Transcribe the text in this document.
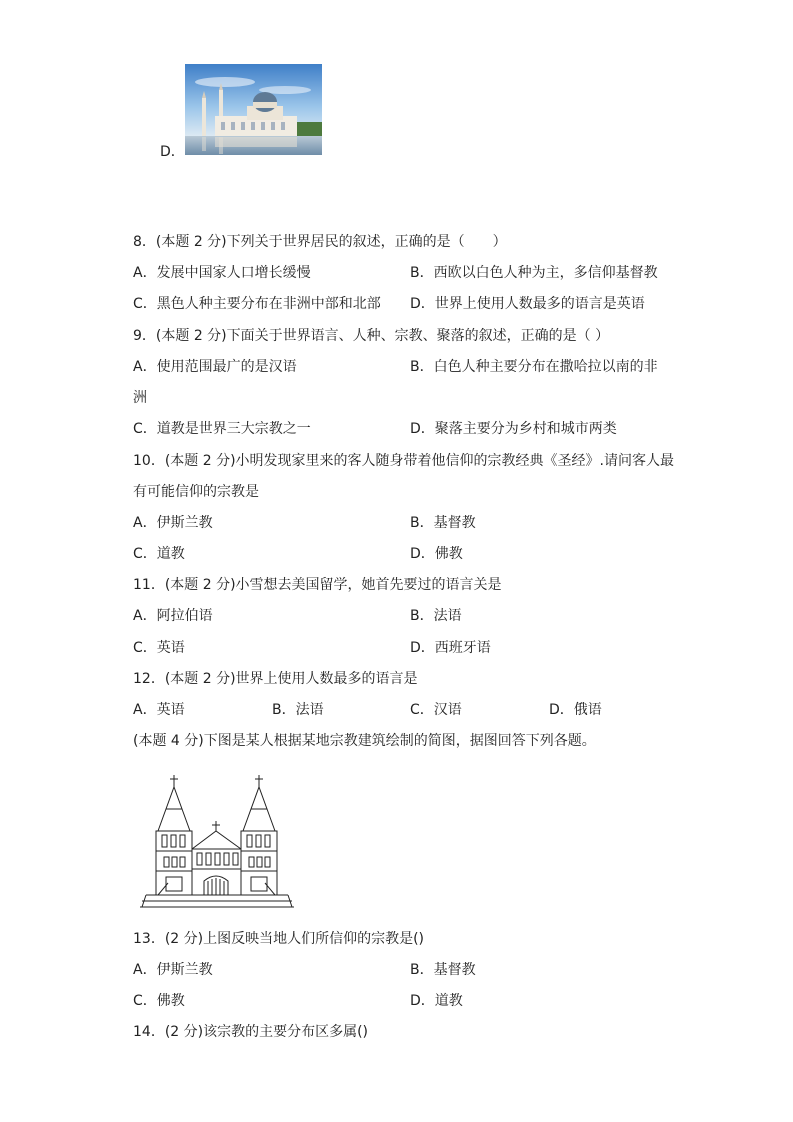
D．
8．(本题 2 分)下列关于世界居民的叙述，正确的是（　　）
A．发展中国家人口增长缓慢	B．西欧以白色人种为主，多信仰基督教
C．黑色人种主要分布在非洲中部和北部 D．世界上使用人数最多的语言是英语
9．(本题 2 分)下面关于世界语言、人种、宗教、聚落的叙述，正确的是（ ）
A．使用范围最广的是汉语	B．白色人种主要分布在撒哈拉以南的非
洲
C．道教是世界三大宗教之一	D．聚落主要分为乡村和城市两类
10．(本题 2 分)小明发现家里来的客人随身带着他信仰的宗教经典《圣经》.请问客人最
有可能信仰的宗教是
A．伊斯兰教	B．基督教
C．道教	D．佛教
11．(本题 2 分)小雪想去美国留学，她首先要过的语言关是
A．阿拉伯语	B．法语
C．英语	D．西班牙语
12．(本题 2 分)世界上使用人数最多的语言是
A．英语	B．法语	C．汉语	D．俄语
(本题 4 分)下图是某人根据某地宗教建筑绘制的简图，据图回答下列各题。
13．(2 分)上图反映当地人们所信仰的宗教是()
A．伊斯兰教	B．基督教
C．佛教	D．道教
14．(2 分)该宗教的主要分布区多属()
